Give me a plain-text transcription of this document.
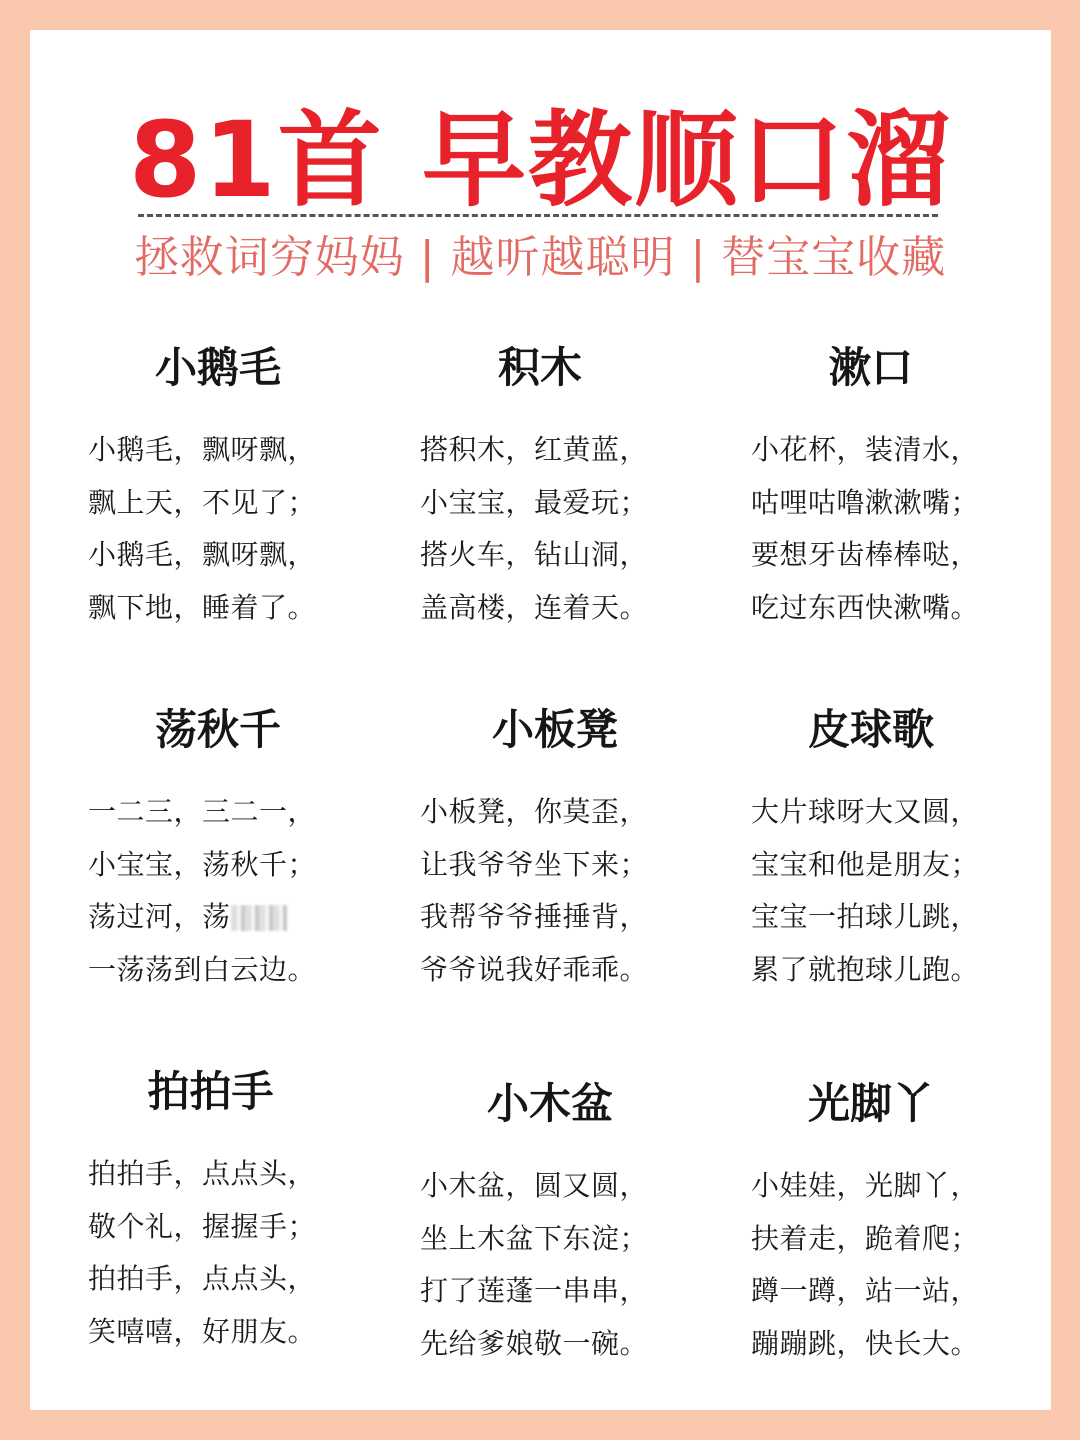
81首 早教顺口溜
拯救词穷妈妈 | 越听越聪明 | 替宝宝收藏
小鹅毛
小鹅毛，飘呀飘，
飘上天，不见了；
小鹅毛，飘呀飘，
飘下地，睡着了。
积木
搭积木，红黄蓝，
小宝宝，最爱玩；
搭火车，钻山洞，
盖高楼，连着天。
漱口
小花杯，装清水，
咕哩咕噜漱漱嘴；
要想牙齿棒棒哒，
吃过东西快漱嘴。
荡秋千
一二三，三二一，
小宝宝，荡秋千；
荡过河，荡
一荡荡到白云边。
小板凳
小板凳，你莫歪，
让我爷爷坐下来；
我帮爷爷捶捶背，
爷爷说我好乖乖。
皮球歌
大片球呀大又圆，
宝宝和他是朋友；
宝宝一拍球儿跳，
累了就抱球儿跑。
拍拍手
拍拍手，点点头，
敬个礼，握握手；
拍拍手，点点头，
笑嘻嘻，好朋友。
小木盆
小木盆，圆又圆，
坐上木盆下东淀；
打了莲蓬一串串，
先给爹娘敬一碗。
光脚丫
小娃娃，光脚丫，
扶着走，跪着爬；
蹲一蹲，站一站，
蹦蹦跳，快长大。
